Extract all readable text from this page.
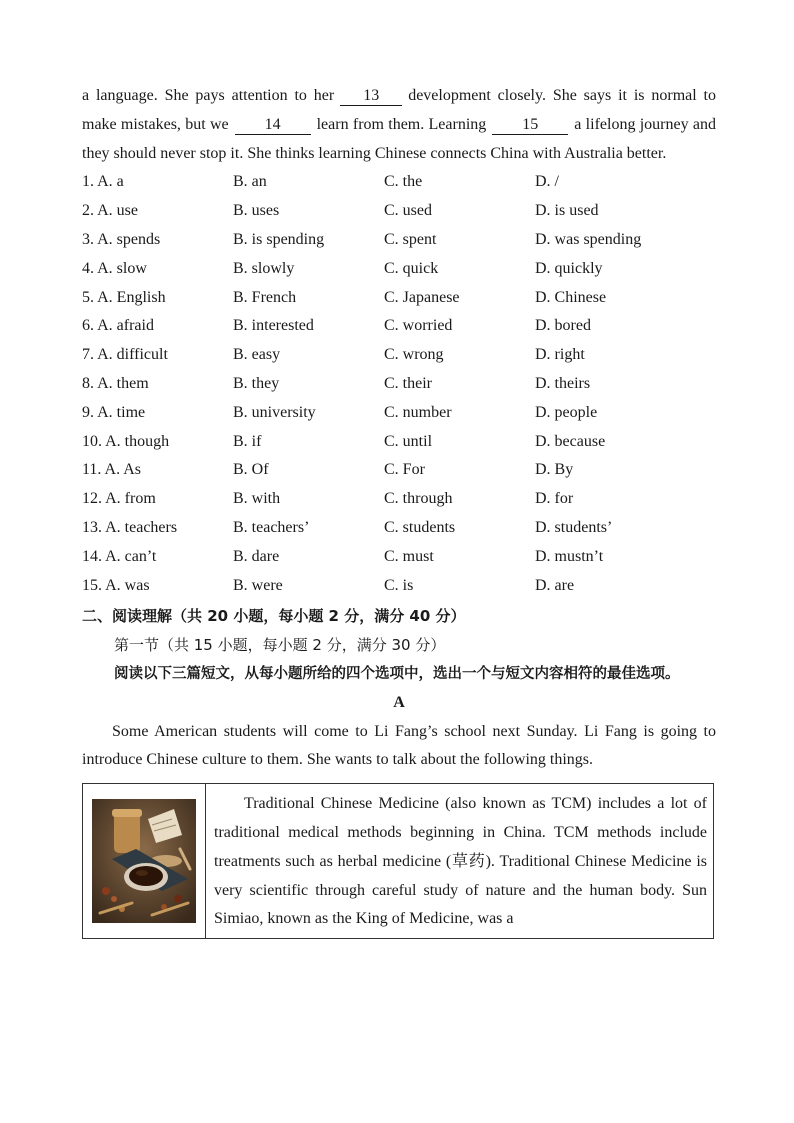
a language. She pays attention to her 13 development closely. She says it is normal to make mistakes, but we 14 learn from them. Learning 15 a lifelong journey and they should never stop it. She thinks learning Chinese connects China with Australia better.

1. A. a	B. an	C. the	D. /
2. A. use	B. uses	C. used	D. is used
3. A. spends	B. is spending	C. spent	D. was spending
4. A. slow	B. slowly	C. quick	D. quickly
5. A. English	B. French	C. Japanese	D. Chinese
6. A. afraid	B. interested	C. worried	D. bored
7. A. difficult	B. easy	C. wrong	D. right
8. A. them	B. they	C. their	D. theirs
9. A. time	B. university	C. number	D. people
10. A. though	B. if	C. until	D. because
11. A. As	B. Of	C. For	D. By
12. A. from	B. with	C. through	D. for
13. A. teachers	B. teachers’	C. students	D. students’
14. A. can’t	B. dare	C. must	D. mustn’t
15. A. was	B. were	C. is	D. are

二、阅读理解（共 20 小题，每小题 2 分，满分 40 分）

第一节（共 15 小题，每小题 2 分，满分 30 分）

阅读以下三篇短文，从每小题所给的四个选项中，选出一个与短文内容相符的最佳选项。

A

Some American students will come to Li Fang’s school next Sunday. Li Fang is going to introduce Chinese culture to them. She wants to talk about the following things.

Traditional Chinese Medicine (also known as TCM) includes a lot of traditional medical methods beginning in China. TCM methods include treatments such as herbal medicine (草药). Traditional Chinese Medicine is very scientific through careful study of nature and the human body. Sun Simiao, known as the King of Medicine, was a
